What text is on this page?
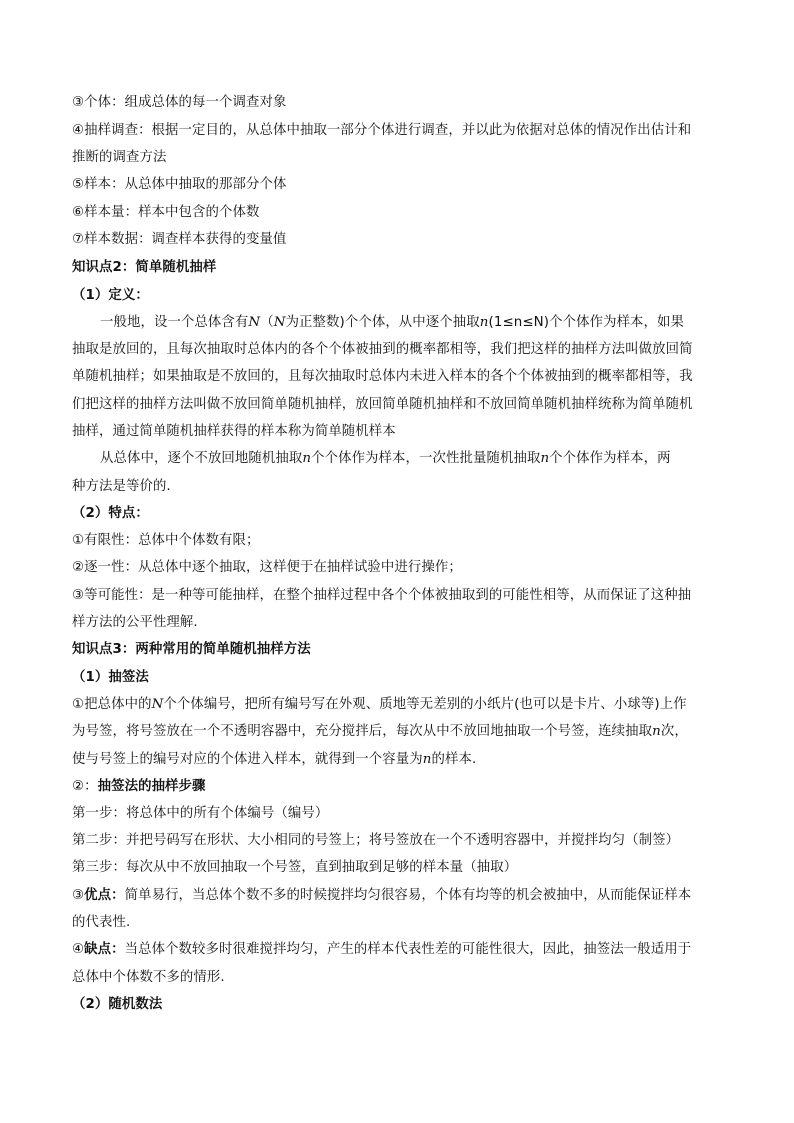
③个体：组成总体的每一个调查对象
④抽样调查：根据一定目的，从总体中抽取一部分个体进行调查，并以此为依据对总体的情况作出估计和
推断的调查方法
⑤样本：从总体中抽取的那部分个体
⑥样本量：样本中包含的个体数
⑦样本数据：调查样本获得的变量值
知识点2：简单随机抽样
（1）定义：
一般地，设一个总体含有N（N为正整数)个个体，从中逐个抽取n(1≤n≤N)个个体作为样本，如果
抽取是放回的，且每次抽取时总体内的各个个体被抽到的概率都相等，我们把这样的抽样方法叫做放回简
单随机抽样；如果抽取是不放回的，且每次抽取时总体内未进入样本的各个个体被抽到的概率都相等，我
们把这样的抽样方法叫做不放回简单随机抽样，放回简单随机抽样和不放回简单随机抽样统称为简单随机
抽样，通过简单随机抽样获得的样本称为简单随机样本
从总体中，逐个不放回地随机抽取n个个体作为样本，一次性批量随机抽取n个个体作为样本，两
种方法是等价的.
（2）特点：
①有限性：总体中个体数有限；
②逐一性：从总体中逐个抽取，这样便于在抽样试验中进行操作；
③等可能性：是一种等可能抽样，在整个抽样过程中各个个体被抽取到的可能性相等，从而保证了这种抽
样方法的公平性理解.
知识点3：两种常用的简单随机抽样方法
（1）抽签法
①把总体中的N个个体编号，把所有编号写在外观、质地等无差别的小纸片(也可以是卡片、小球等)上作
为号签，将号签放在一个不透明容器中，充分搅拌后，每次从中不放回地抽取一个号签，连续抽取n次，
使与号签上的编号对应的个体进入样本，就得到一个容量为n的样本.
②：抽签法的抽样步骤
第一步：将总体中的所有个体编号（编号）
第二步：并把号码写在形状、大小相同的号签上；将号签放在一个不透明容器中，并搅拌均匀（制签）
第三步：每次从中不放回抽取一个号签，直到抽取到足够的样本量（抽取）
③优点：简单易行，当总体个数不多的时候搅拌均匀很容易，个体有均等的机会被抽中，从而能保证样本
的代表性.
④缺点：当总体个数较多时很难搅拌均匀，产生的样本代表性差的可能性很大，因此，抽签法一般适用于
总体中个体数不多的情形.
（2）随机数法
